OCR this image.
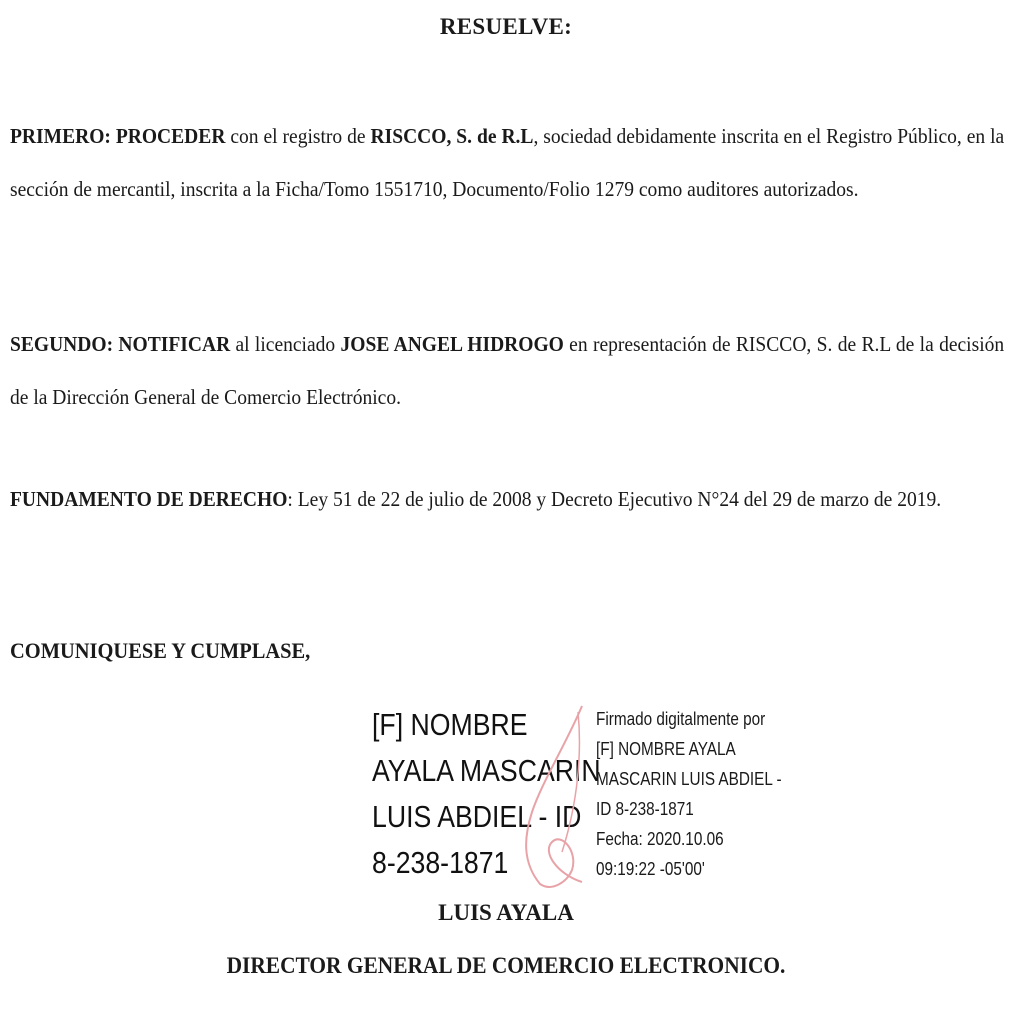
RESUELVE:
PRIMERO: PROCEDER con el registro de RISCCO, S. de R.L, sociedad debidamente inscrita en el Registro Público, en la sección de mercantil, inscrita a la Ficha/Tomo 1551710, Documento/Folio 1279 como auditores autorizados.
SEGUNDO: NOTIFICAR al licenciado JOSE ANGEL HIDROGO en representación de RISCCO, S. de R.L de la decisión de la Dirección General de Comercio Electrónico.
FUNDAMENTO DE DERECHO: Ley 51 de 22 de julio de 2008 y Decreto Ejecutivo N°24 del 29 de marzo de 2019.
COMUNIQUESE Y CUMPLASE,
[F] NOMBRE
AYALA MASCARIN
LUIS ABDIEL - ID
8-238-1871
Firmado digitalmente por
[F] NOMBRE AYALA
MASCARIN LUIS ABDIEL -
ID 8-238-1871
Fecha: 2020.10.06
09:19:22 -05'00'
LUIS AYALA
DIRECTOR GENERAL DE COMERCIO ELECTRONICO.
